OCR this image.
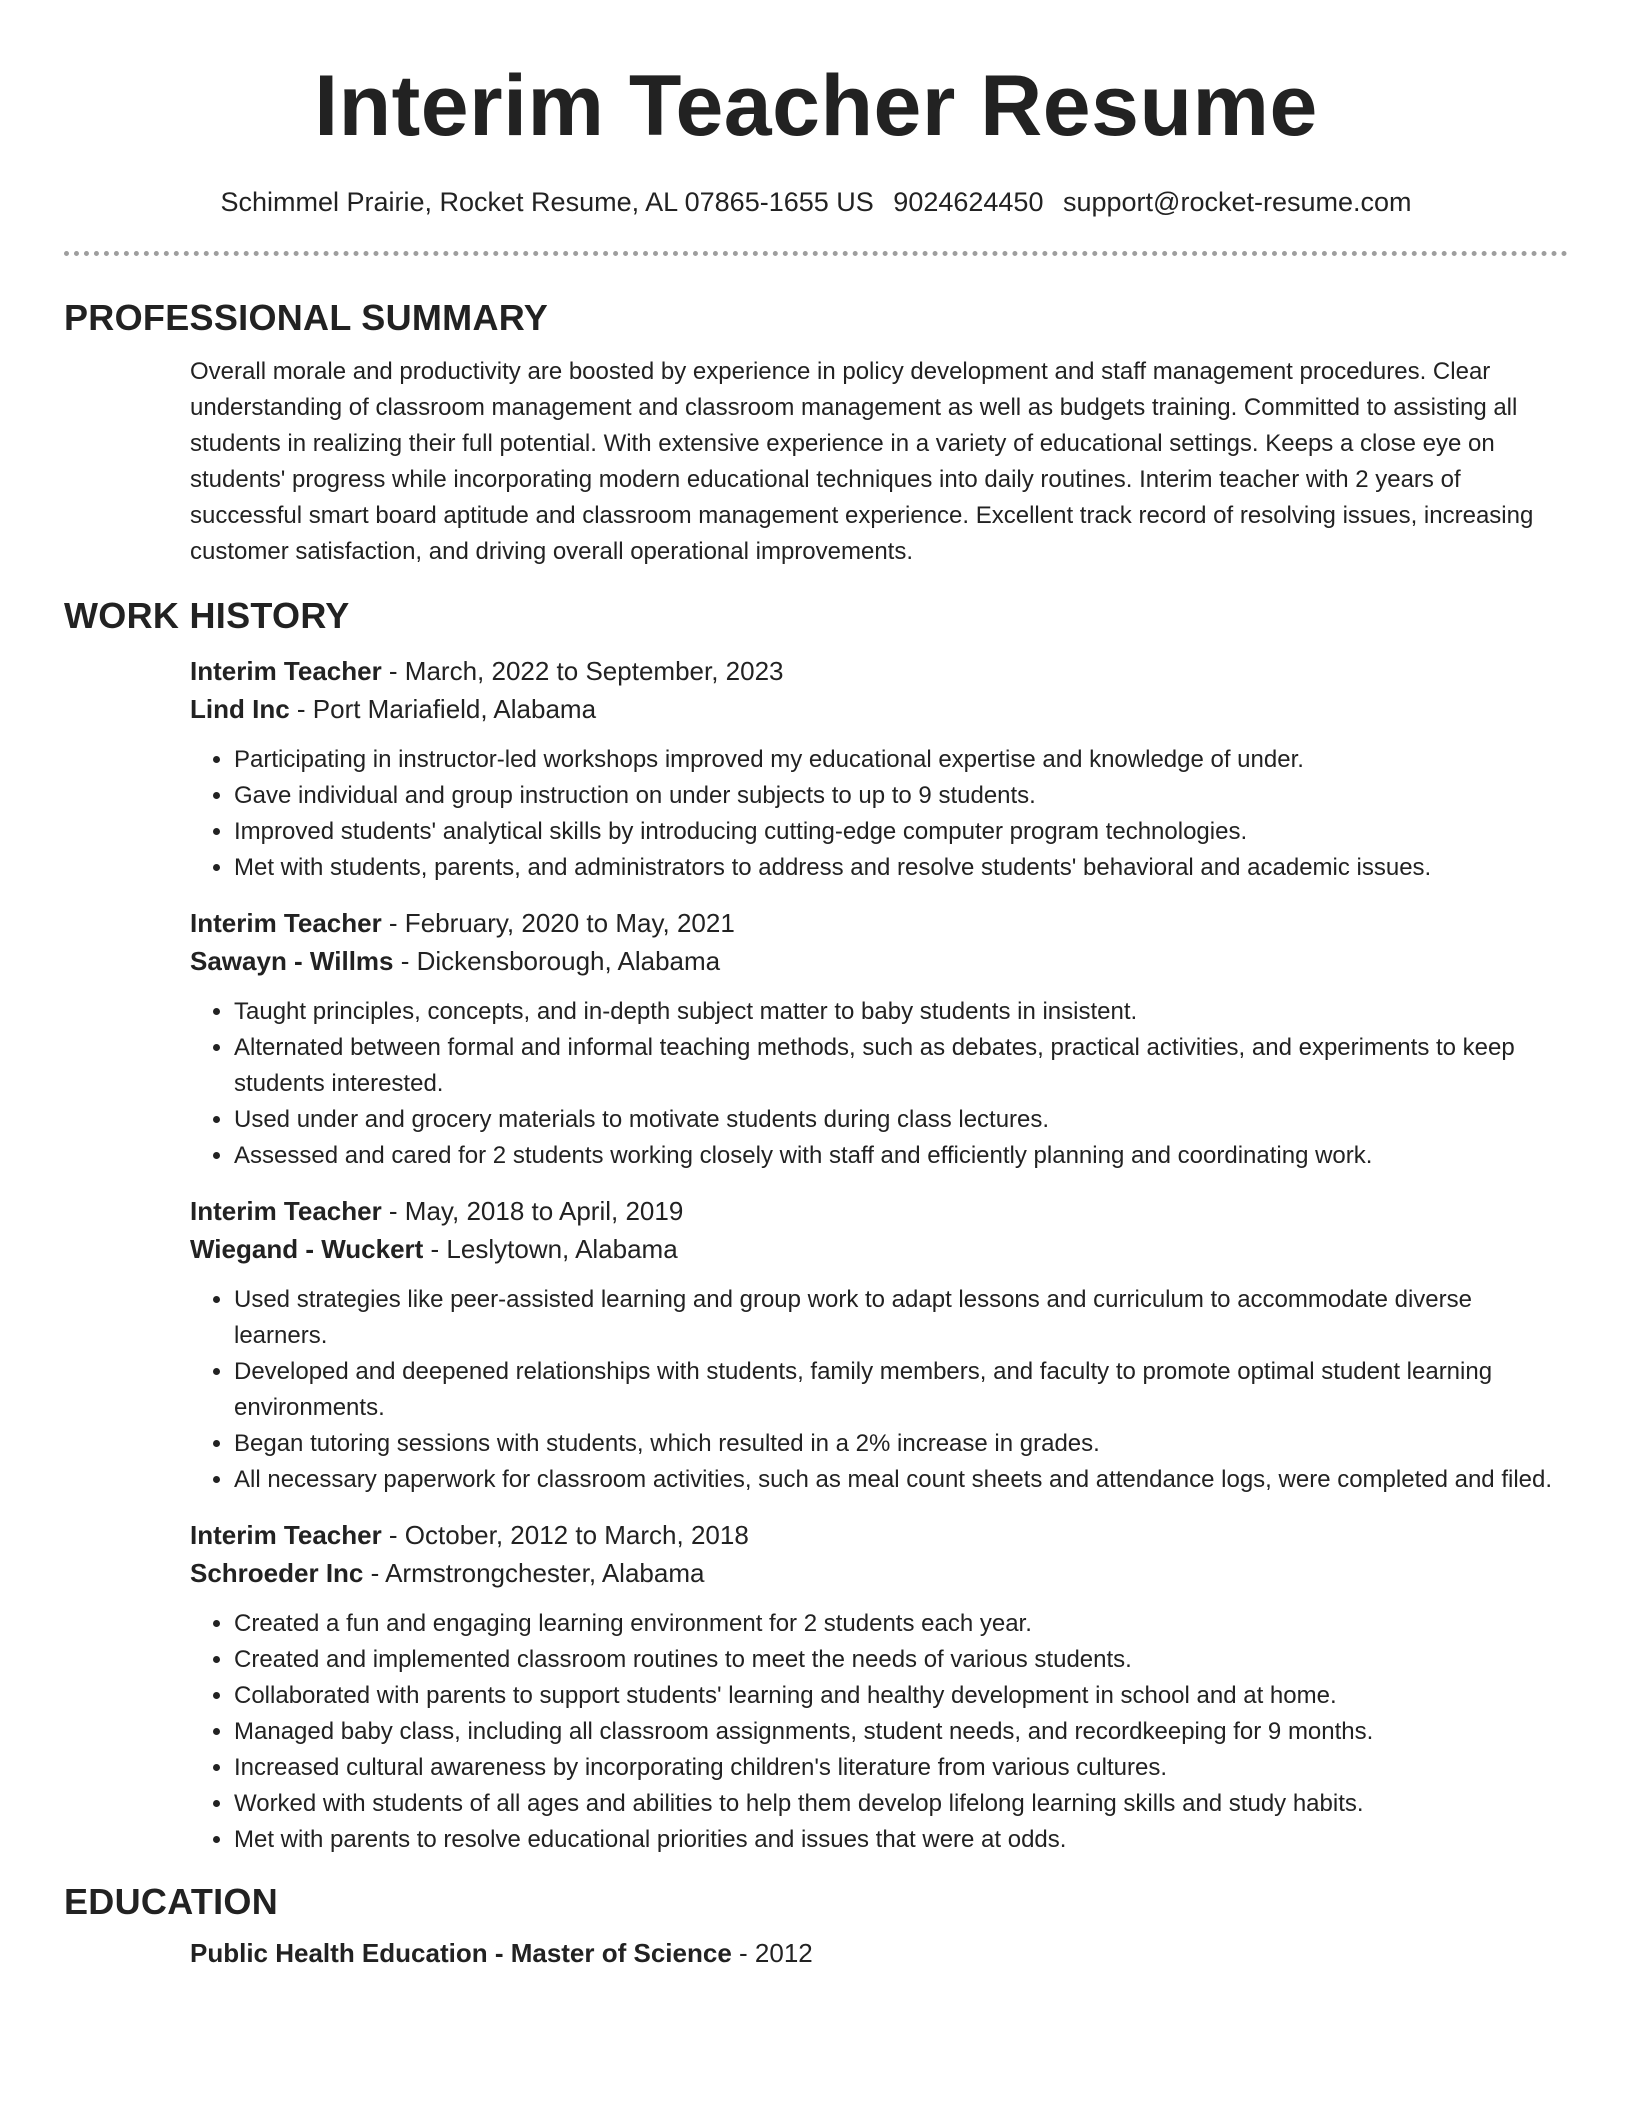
Interim Teacher Resume
Schimmel Prairie, Rocket Resume, AL 07865-1655 US 9024624450 support@rocket-resume.com
PROFESSIONAL SUMMARY

Overall morale and productivity are boosted by experience in policy development and staff management procedures. Clear understanding of classroom management and classroom management as well as budgets training. Committed to assisting all students in realizing their full potential. With extensive experience in a variety of educational settings. Keeps a close eye on students' progress while incorporating modern educational techniques into daily routines. Interim teacher with 2 years of successful smart board aptitude and classroom management experience. Excellent track record of resolving issues, increasing customer satisfaction, and driving overall operational improvements.

WORK HISTORY
Interim Teacher - March, 2022 to September, 2023
Lind Inc - Port Mariafield, Alabama
• Participating in instructor-led workshops improved my educational expertise and knowledge of under.
• Gave individual and group instruction on under subjects to up to 9 students.
• Improved students' analytical skills by introducing cutting-edge computer program technologies.
• Met with students, parents, and administrators to address and resolve students' behavioral and academic issues.
Interim Teacher - February, 2020 to May, 2021
Sawayn - Willms - Dickensborough, Alabama
• Taught principles, concepts, and in-depth subject matter to baby students in insistent.
• Alternated between formal and informal teaching methods, such as debates, practical activities, and experiments to keep students interested.
• Used under and grocery materials to motivate students during class lectures.
• Assessed and cared for 2 students working closely with staff and efficiently planning and coordinating work.
Interim Teacher - May, 2018 to April, 2019
Wiegand - Wuckert - Leslytown, Alabama
• Used strategies like peer-assisted learning and group work to adapt lessons and curriculum to accommodate diverse learners.
• Developed and deepened relationships with students, family members, and faculty to promote optimal student learning environments.
• Began tutoring sessions with students, which resulted in a 2% increase in grades.
• All necessary paperwork for classroom activities, such as meal count sheets and attendance logs, were completed and filed.
Interim Teacher - October, 2012 to March, 2018
Schroeder Inc - Armstrongchester, Alabama
• Created a fun and engaging learning environment for 2 students each year.
• Created and implemented classroom routines to meet the needs of various students.
• Collaborated with parents to support students' learning and healthy development in school and at home.
• Managed baby class, including all classroom assignments, student needs, and recordkeeping for 9 months.
• Increased cultural awareness by incorporating children's literature from various cultures.
• Worked with students of all ages and abilities to help them develop lifelong learning skills and study habits.
• Met with parents to resolve educational priorities and issues that were at odds.
EDUCATION
Public Health Education - Master of Science - 2012
